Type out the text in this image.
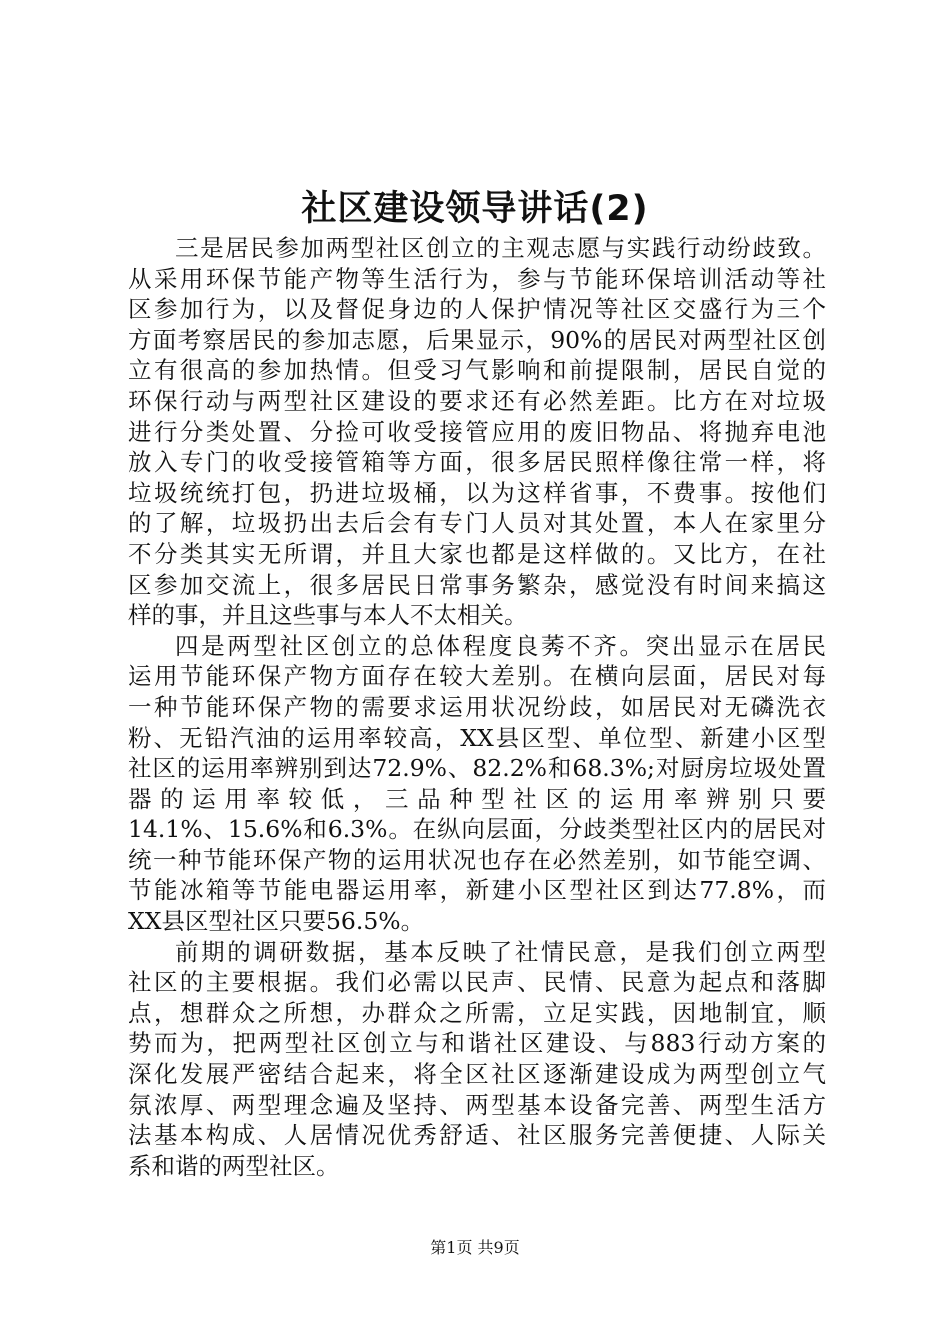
社区建设领导讲话(2)
三是居民参加两型社区创立的主观志愿与实践行动纷歧致。
从采用环保节能产物等生活行为，参与节能环保培训活动等社
区参加行为，以及督促身边的人保护情况等社区交盛行为三个
方面考察居民的参加志愿，后果显示，90%的居民对两型社区创
立有很高的参加热情。但受习气影响和前提限制，居民自觉的
环保行动与两型社区建设的要求还有必然差距。比方在对垃圾
进行分类处置、分捡可收受接管应用的废旧物品、将抛弃电池
放入专门的收受接管箱等方面，很多居民照样像往常一样，将
垃圾统统打包，扔进垃圾桶，以为这样省事，不费事。按他们
的了解，垃圾扔出去后会有专门人员对其处置，本人在家里分
不分类其实无所谓，并且大家也都是这样做的。又比方，在社
区参加交流上，很多居民日常事务繁杂，感觉没有时间来搞这
样的事，并且这些事与本人不太相关。
四是两型社区创立的总体程度良莠不齐。突出显示在居民
运用节能环保产物方面存在较大差别。在横向层面，居民对每
一种节能环保产物的需要求运用状况纷歧，如居民对无磷洗衣
粉、无铅汽油的运用率较高，XX县区型、单位型、新建小区型
社区的运用率辨别到达72.9%、82.2%和68.3%;对厨房垃圾处置
器的运用率较低，三品种型社区的运用率辨别只要
14.1%、15.6%和6.3%。在纵向层面，分歧类型社区内的居民对
统一种节能环保产物的运用状况也存在必然差别，如节能空调、
节能冰箱等节能电器运用率，新建小区型社区到达77.8%，而
XX县区型社区只要56.5%。
前期的调研数据，基本反映了社情民意，是我们创立两型
社区的主要根据。我们必需以民声、民情、民意为起点和落脚
点，想群众之所想，办群众之所需，立足实践，因地制宜，顺
势而为，把两型社区创立与和谐社区建设、与883行动方案的
深化发展严密结合起来，将全区社区逐渐建设成为两型创立气
氛浓厚、两型理念遍及坚持、两型基本设备完善、两型生活方
法基本构成、人居情况优秀舒适、社区服务完善便捷、人际关
系和谐的两型社区。
第1页 共9页
